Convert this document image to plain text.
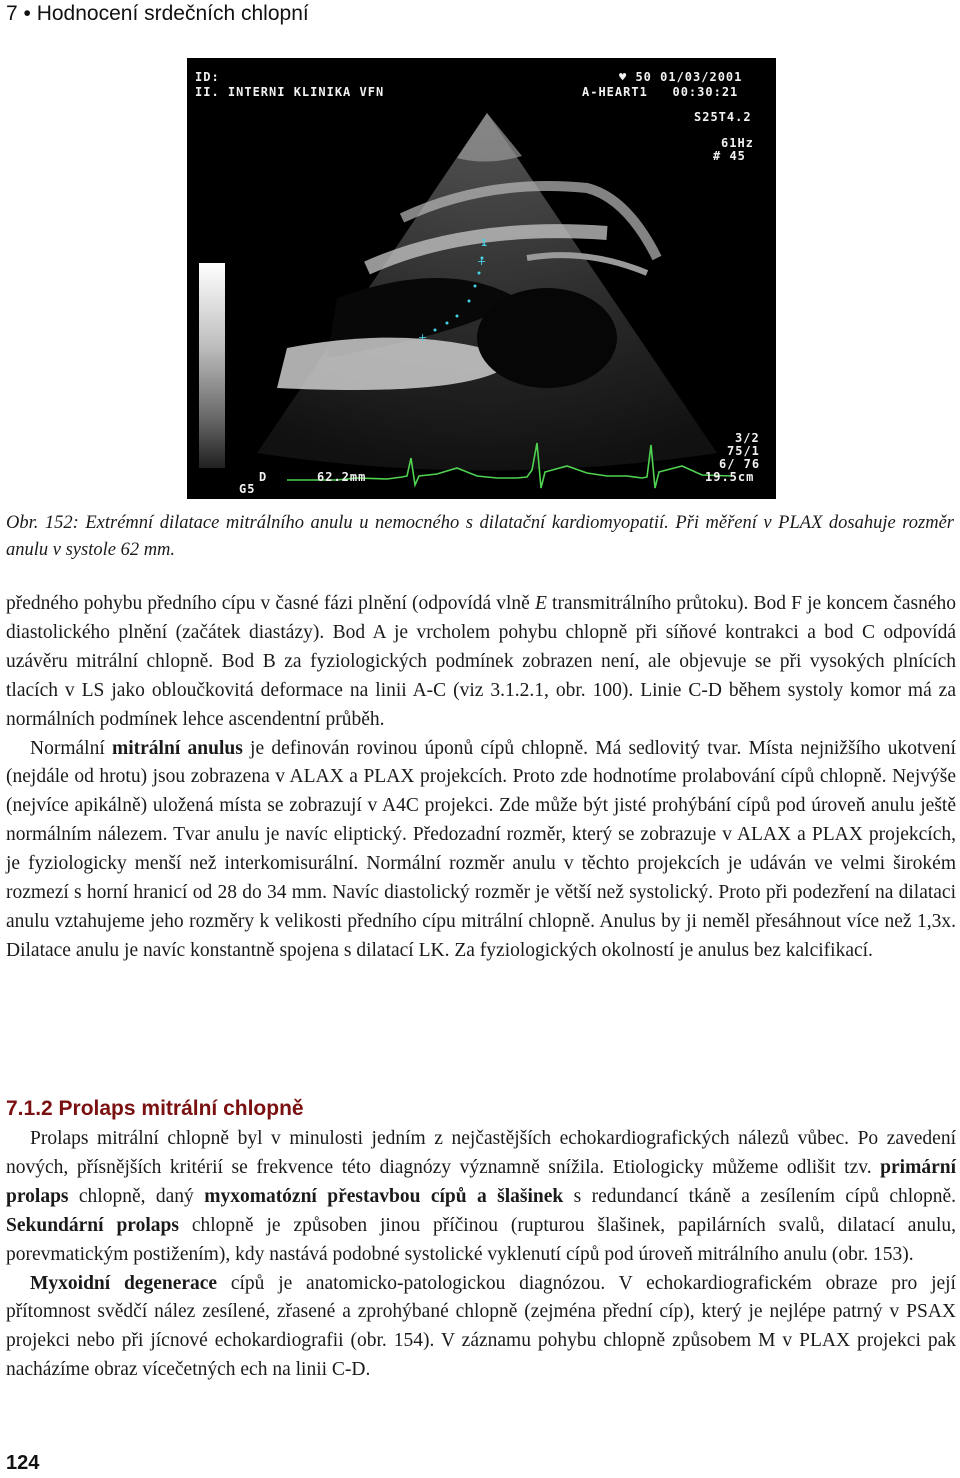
7 • Hodnocení srdečních chlopní
1
+
+
ID:
II. INTERNI KLINIKA VFN
♥ 50 01/03/2001
A-HEART1   00:30:21
S25T4.2
61Hz
# 45
3/2
75/1
6/ 76
19.5cm
D	62.2mm
G5
Obr. 152: Extrémní dilatace mitrálního anulu u nemocného s dilatační kardiomyopatií. Při měření v PLAX dosahuje rozměr anulu v systole 62 mm.

předného pohybu předního cípu v časné fázi plnění (odpovídá vlně E transmitrálního průtoku). Bod F je koncem časného diastolického plnění (začátek diastázy). Bod A je vrcholem pohybu chlopně při síňové kontrakci a bod C odpovídá uzávěru mitrální chlopně. Bod B za fyziologických podmínek zobrazen není, ale objevuje se při vysokých plnících tlacích v LS jako obloučkovitá deformace na linii A-C (viz 3.1.2.1, obr. 100). Linie C-D během systoly komor má za normálních podmínek lehce ascendentní průběh.

Normální mitrální anulus je definován rovinou úponů cípů chlopně. Má sedlovitý tvar. Místa nejnižšího ukotvení (nejdále od hrotu) jsou zobrazena v ALAX a PLAX projekcích. Proto zde hodnotíme prolabování cípů chlopně. Nejvýše (nejvíce apikálně) uložená místa se zobrazují v A4C projekci. Zde může být jisté prohýbání cípů pod úroveň anulu ještě normálním nálezem. Tvar anulu je navíc eliptický. Předozadní rozměr, který se zobrazuje v ALAX a PLAX projekcích, je fyziologicky menší než interkomisurální. Normální rozměr anulu v těchto projekcích je udáván ve velmi širokém rozmezí s horní hranicí od 28 do 34 mm. Navíc diastolický rozměr je větší než systolický. Proto při podezření na dilataci anulu vztahujeme jeho rozměry k velikosti předního cípu mitrální chlopně. Anulus by ji neměl přesáhnout více než 1,3x. Dilatace anulu je navíc konstantně spojena s dilatací LK. Za fyziologických okolností je anulus bez kalcifikací.

7.1.2 Prolaps mitrální chlopně

Prolaps mitrální chlopně byl v minulosti jedním z nejčastějších echokardiografických nálezů vůbec. Po zavedení nových, přísnějších kritérií se frekvence této diagnózy významně snížila. Etiologicky můžeme odlišit tzv. primární prolaps chlopně, daný myxomatózní přestavbou cípů a šlašinek s redundancí tkáně a zesílením cípů chlopně. Sekundární prolaps chlopně je způsoben jinou příčinou (rupturou šlašinek, papilárních svalů, dilatací anulu, porevmatickým postižením), kdy nastává podobné systolické vyklenutí cípů pod úroveň mitrálního anulu (obr. 153).

Myxoidní degenerace cípů je anatomicko-patologickou diagnózou. V echokardiografickém obraze pro její přítomnost svědčí nález zesílené, zřasené a zprohýbané chlopně (zejména přední cíp), který je nejlépe patrný v PSAX projekci nebo při jícnové echokardiografii (obr. 154). V záznamu pohybu chlopně způsobem M v PLAX projekci pak nacházíme obraz vícečetných ech na linii C-D.

124
